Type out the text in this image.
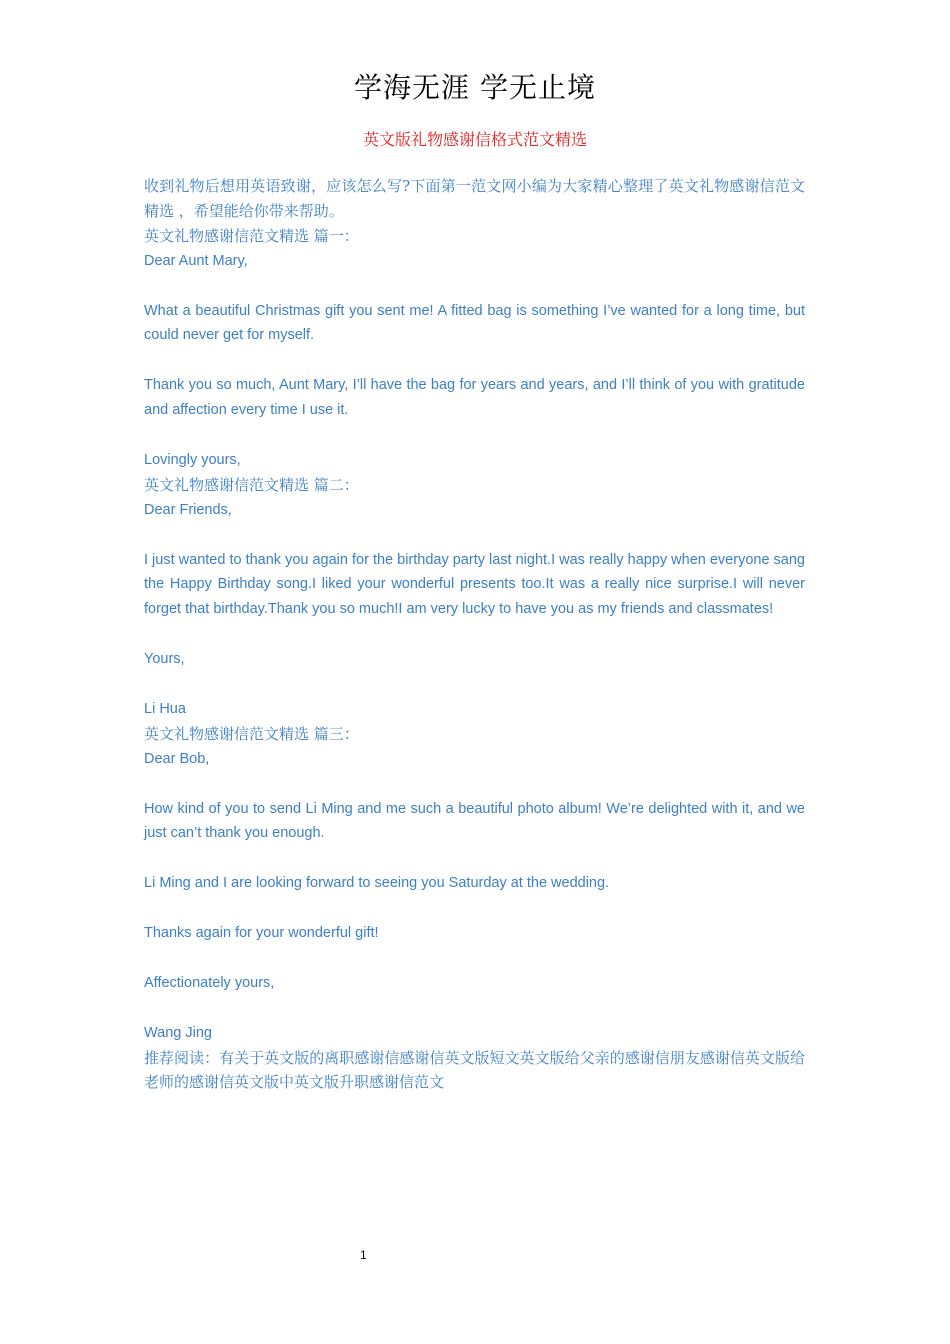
学海无涯 学无止境
英文版礼物感谢信格式范文精选

收到礼物后想用英语致谢，应该怎么写?下面第一范文网小编为大家精心整理了英文礼物感谢信范文精选 ，希望能给你带来帮助。

英文礼物感谢信范文精选 篇一：

Dear Aunt Mary,

What a beautiful Christmas gift you sent me! A fitted bag is something I’ve wanted for a long time, but could never get for myself.

Thank you so much, Aunt Mary, I’ll have the bag for years and years, and I’ll think of you with gratitude and affection every time I use it.

Lovingly yours,

英文礼物感谢信范文精选 篇二：

Dear Friends,

I just wanted to thank you again for the birthday party last night.I was really happy when everyone sang the Happy Birthday song.I liked your wonderful presents too.It was a really nice surprise.I will never forget that birthday.Thank you so much!I am very lucky to have you as my friends and classmates!

Yours,

Li Hua

英文礼物感谢信范文精选 篇三：

Dear Bob,

How kind of you to send Li Ming and me such a beautiful photo album! We’re delighted with it, and we just can’t thank you enough.

Li Ming and I are looking forward to seeing you Saturday at the wedding.

Thanks again for your wonderful gift!

Affectionately yours,

Wang Jing

推荐阅读：有关于英文版的离职感谢信感谢信英文版短文英文版给父亲的感谢信朋友感谢信英文版给老师的感谢信英文版中英文版升职感谢信范文

1
